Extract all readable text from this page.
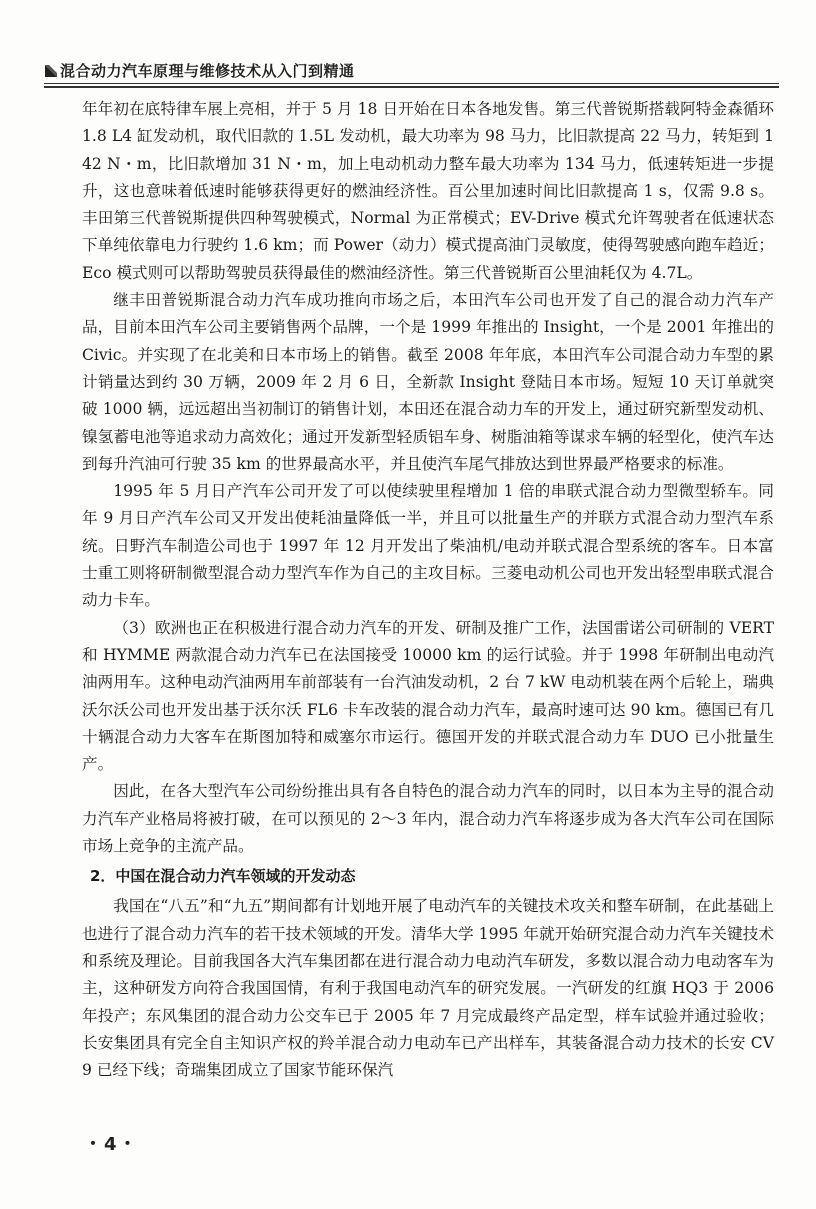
混合动力汽车原理与维修技术从入门到精通

年年初在底特律车展上亮相，并于 5 月 18 日开始在日本各地发售。第三代普锐斯搭载阿特金森循环 1.8 L4 缸发动机，取代旧款的 1.5L 发动机，最大功率为 98 马力，比旧款提高 22 马力，转矩到 142 N・m，比旧款增加 31 N・m，加上电动机动力整车最大功率为 134 马力，低速转矩进一步提升，这也意味着低速时能够获得更好的燃油经济性。百公里加速时间比旧款提高 1 s，仅需 9.8 s。丰田第三代普锐斯提供四种驾驶模式，Normal 为正常模式；EV-Drive 模式允许驾驶者在低速状态下单纯依靠电力行驶约 1.6 km；而 Power（动力）模式提高油门灵敏度，使得驾驶感向跑车趋近；Eco 模式则可以帮助驾驶员获得最佳的燃油经济性。第三代普锐斯百公里油耗仅为 4.7L。

继丰田普锐斯混合动力汽车成功推向市场之后，本田汽车公司也开发了自己的混合动力汽车产品，目前本田汽车公司主要销售两个品牌，一个是 1999 年推出的 Insight，一个是 2001 年推出的 Civic。并实现了在北美和日本市场上的销售。截至 2008 年年底，本田汽车公司混合动力车型的累计销量达到约 30 万辆，2009 年 2 月 6 日，全新款 Insight 登陆日本市场。短短 10 天订单就突破 1000 辆，远远超出当初制订的销售计划，本田还在混合动力车的开发上，通过研究新型发动机、镍氢蓄电池等追求动力高效化；通过开发新型轻质铝车身、树脂油箱等谋求车辆的轻型化，使汽车达到每升汽油可行驶 35 km 的世界最高水平，并且使汽车尾气排放达到世界最严格要求的标准。

1995 年 5 月日产汽车公司开发了可以使续驶里程增加 1 倍的串联式混合动力型微型轿车。同年 9 月日产汽车公司又开发出使耗油量降低一半，并且可以批量生产的并联方式混合动力型汽车系统。日野汽车制造公司也于 1997 年 12 月开发出了柴油机/电动并联式混合型系统的客车。日本富士重工则将研制微型混合动力型汽车作为自己的主攻目标。三菱电动机公司也开发出轻型串联式混合动力卡车。

（3）欧洲也正在积极进行混合动力汽车的开发、研制及推广工作，法国雷诺公司研制的 VERT 和 HYMME 两款混合动力汽车已在法国接受 10000 km 的运行试验。并于 1998 年研制出电动汽油两用车。这种电动汽油两用车前部装有一台汽油发动机，2 台 7 kW 电动机装在两个后轮上，瑞典沃尔沃公司也开发出基于沃尔沃 FL6 卡车改装的混合动力汽车，最高时速可达 90 km。德国已有几十辆混合动力大客车在斯图加特和威塞尔市运行。德国开发的并联式混合动力车 DUO 已小批量生产。

因此，在各大型汽车公司纷纷推出具有各自特色的混合动力汽车的同时，以日本为主导的混合动力汽车产业格局将被打破，在可以预见的 2～3 年内，混合动力汽车将逐步成为各大汽车公司在国际市场上竞争的主流产品。

2．中国在混合动力汽车领域的开发动态

我国在“八五”和“九五”期间都有计划地开展了电动汽车的关键技术攻关和整车研制，在此基础上也进行了混合动力汽车的若干技术领域的开发。清华大学 1995 年就开始研究混合动力汽车关键技术和系统及理论。目前我国各大汽车集团都在进行混合动力电动汽车研发，多数以混合动力电动客车为主，这种研发方向符合我国国情，有利于我国电动汽车的研究发展。一汽研发的红旗 HQ3 于 2006 年投产；东风集团的混合动力公交车已于 2005 年 7 月完成最终产品定型，样车试验并通过验收；长安集团具有完全自主知识产权的羚羊混合动力电动车已产出样车，其装备混合动力技术的长安 CV9 已经下线；奇瑞集团成立了国家节能环保汽

・4・
